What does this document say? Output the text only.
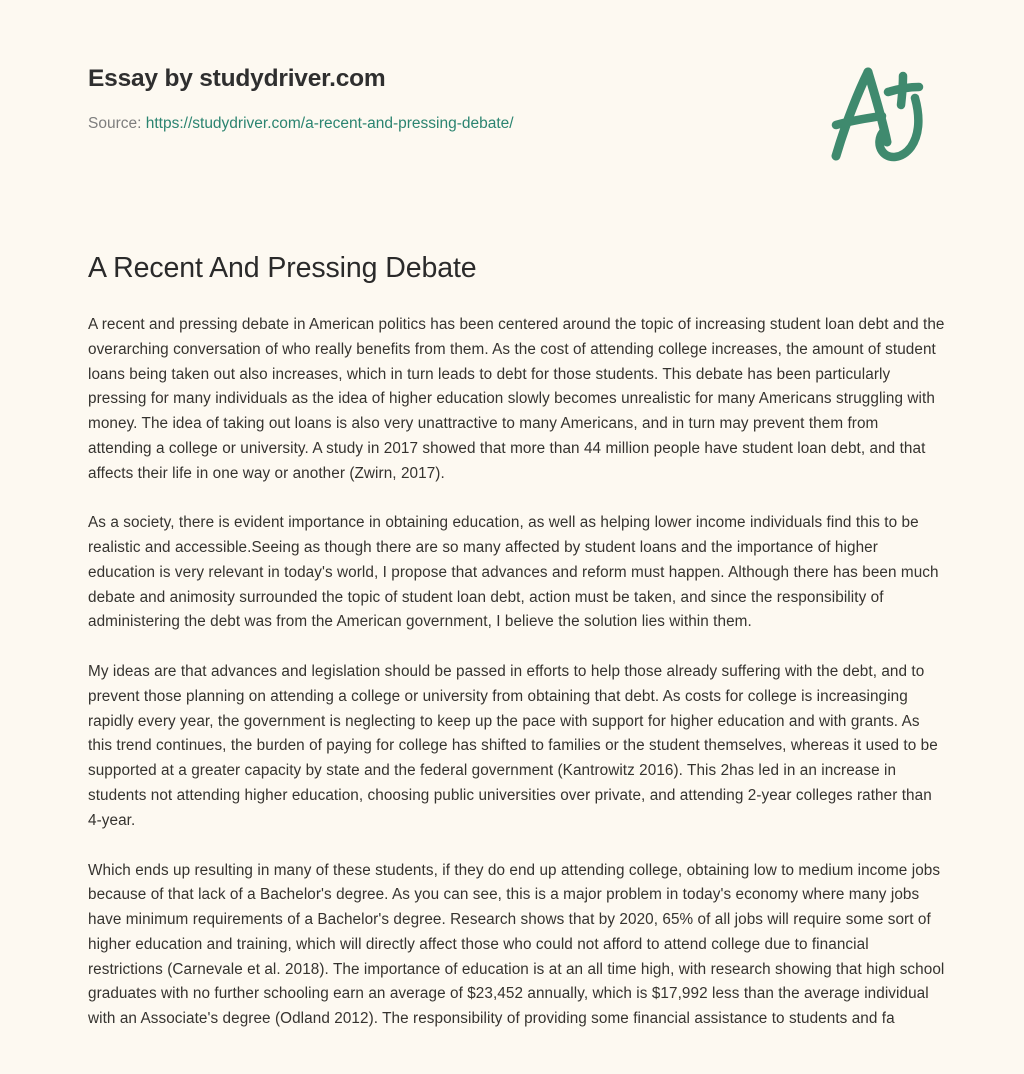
Essay by studydriver.com
Source: https://studydriver.com/a-recent-and-pressing-debate/
A Recent And Pressing Debate

A recent and pressing debate in American politics has been centered around the topic of increasing student loan debt and the overarching conversation of who really benefits from them. As the cost of attending college increases, the amount of student loans being taken out also increases, which in turn leads to debt for those students. This debate has been particularly pressing for many individuals as the idea of higher education slowly becomes unrealistic for many Americans struggling with money. The idea of taking out loans is also very unattractive to many Americans, and in turn may prevent them from attending a college or university. A study in 2017 showed that more than 44 million people have student loan debt, and that affects their life in one way or another (Zwirn, 2017).

As a society, there is evident importance in obtaining education, as well as helping lower income individuals find this to be realistic and accessible.Seeing as though there are so many affected by student loans and the importance of higher education is very relevant in today's world, I propose that advances and reform must happen. Although there has been much debate and animosity surrounded the topic of student loan debt, action must be taken, and since the responsibility of administering the debt was from the American government, I believe the solution lies within them.

My ideas are that advances and legislation should be passed in efforts to help those already suffering with the debt, and to prevent those planning on attending a college or university from obtaining that debt. As costs for college is increasinging rapidly every year, the government is neglecting to keep up the pace with support for higher education and with grants. As this trend continues, the burden of paying for college has shifted to families or the student themselves, whereas it used to be supported at a greater capacity by state and the federal government (Kantrowitz 2016). This 2has led in an increase in students not attending higher education, choosing public universities over private, and attending 2-year colleges rather than 4-year.

Which ends up resulting in many of these students, if they do end up attending college, obtaining low to medium income jobs because of that lack of a Bachelor's degree. As you can see, this is a major problem in today's economy where many jobs have minimum requirements of a Bachelor's degree. Research shows that by 2020, 65% of all jobs will require some sort of higher education and training, which will directly affect those who could not afford to attend college due to financial restrictions (Carnevale et al. 2018). The importance of education is at an all time high, with research showing that high school graduates with no further schooling earn an average of $23,452 annually, which is $17,992 less than the average individual with an Associate's degree (Odland 2012). The responsibility of providing some financial assistance to students and fa
